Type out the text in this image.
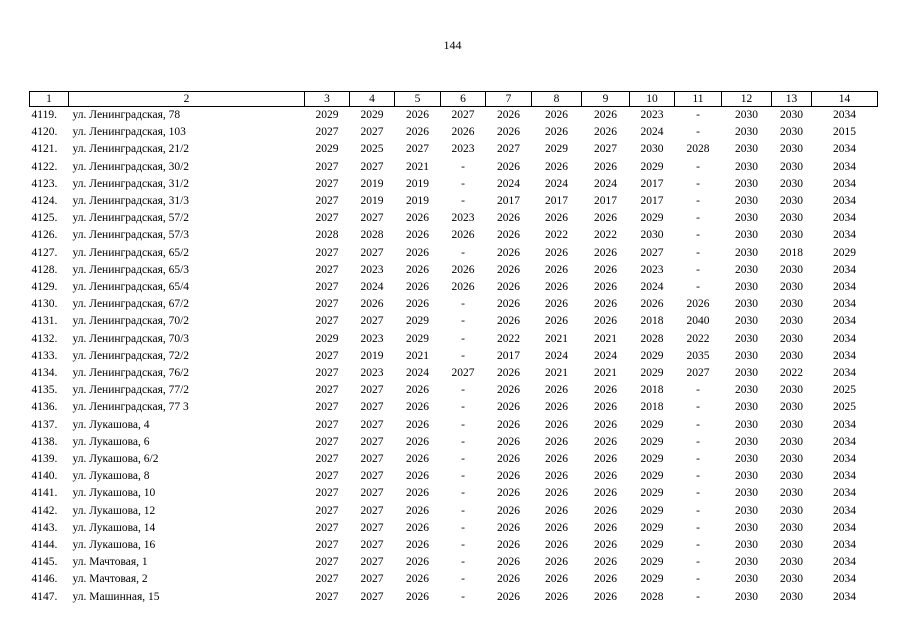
144
1	2	3	4	5	6	7	8	9	10	11	12	13	14
4119.	ул. Ленинградская, 78	2029	2029	2026	2027	2026	2026	2026	2023	-	2030	2030	2034
4120.	ул. Ленинградская, 103	2027	2027	2026	2026	2026	2026	2026	2024	-	2030	2030	2015
4121.	ул. Ленинградская, 21/2	2029	2025	2027	2023	2027	2029	2027	2030	2028	2030	2030	2034
4122.	ул. Ленинградская, 30/2	2027	2027	2021	-	2026	2026	2026	2029	-	2030	2030	2034
4123.	ул. Ленинградская, 31/2	2027	2019	2019	-	2024	2024	2024	2017	-	2030	2030	2034
4124.	ул. Ленинградская, 31/3	2027	2019	2019	-	2017	2017	2017	2017	-	2030	2030	2034
4125.	ул. Ленинградская, 57/2	2027	2027	2026	2023	2026	2026	2026	2029	-	2030	2030	2034
4126.	ул. Ленинградская, 57/3	2028	2028	2026	2026	2026	2022	2022	2030	-	2030	2030	2034
4127.	ул. Ленинградская, 65/2	2027	2027	2026	-	2026	2026	2026	2027	-	2030	2018	2029
4128.	ул. Ленинградская, 65/3	2027	2023	2026	2026	2026	2026	2026	2023	-	2030	2030	2034
4129.	ул. Ленинградская, 65/4	2027	2024	2026	2026	2026	2026	2026	2024	-	2030	2030	2034
4130.	ул. Ленинградская, 67/2	2027	2026	2026	-	2026	2026	2026	2026	2026	2030	2030	2034
4131.	ул. Ленинградская, 70/2	2027	2027	2029	-	2026	2026	2026	2018	2040	2030	2030	2034
4132.	ул. Ленинградская, 70/3	2029	2023	2029	-	2022	2021	2021	2028	2022	2030	2030	2034
4133.	ул. Ленинградская, 72/2	2027	2019	2021	-	2017	2024	2024	2029	2035	2030	2030	2034
4134.	ул. Ленинградская, 76/2	2027	2023	2024	2027	2026	2021	2021	2029	2027	2030	2022	2034
4135.	ул. Ленинградская, 77/2	2027	2027	2026	-	2026	2026	2026	2018	-	2030	2030	2025
4136.	ул. Ленинградская, 77 3	2027	2027	2026	-	2026	2026	2026	2018	-	2030	2030	2025
4137.	ул. Лукашова, 4	2027	2027	2026	-	2026	2026	2026	2029	-	2030	2030	2034
4138.	ул. Лукашова, 6	2027	2027	2026	-	2026	2026	2026	2029	-	2030	2030	2034
4139.	ул. Лукашова, 6/2	2027	2027	2026	-	2026	2026	2026	2029	-	2030	2030	2034
4140.	ул. Лукашова, 8	2027	2027	2026	-	2026	2026	2026	2029	-	2030	2030	2034
4141.	ул. Лукашова, 10	2027	2027	2026	-	2026	2026	2026	2029	-	2030	2030	2034
4142.	ул. Лукашова, 12	2027	2027	2026	-	2026	2026	2026	2029	-	2030	2030	2034
4143.	ул. Лукашова, 14	2027	2027	2026	-	2026	2026	2026	2029	-	2030	2030	2034
4144.	ул. Лукашова, 16	2027	2027	2026	-	2026	2026	2026	2029	-	2030	2030	2034
4145.	ул. Мачтовая, 1	2027	2027	2026	-	2026	2026	2026	2029	-	2030	2030	2034
4146.	ул. Мачтовая, 2	2027	2027	2026	-	2026	2026	2026	2029	-	2030	2030	2034
4147.	ул. Машинная, 15	2027	2027	2026	-	2026	2026	2026	2028	-	2030	2030	2034
